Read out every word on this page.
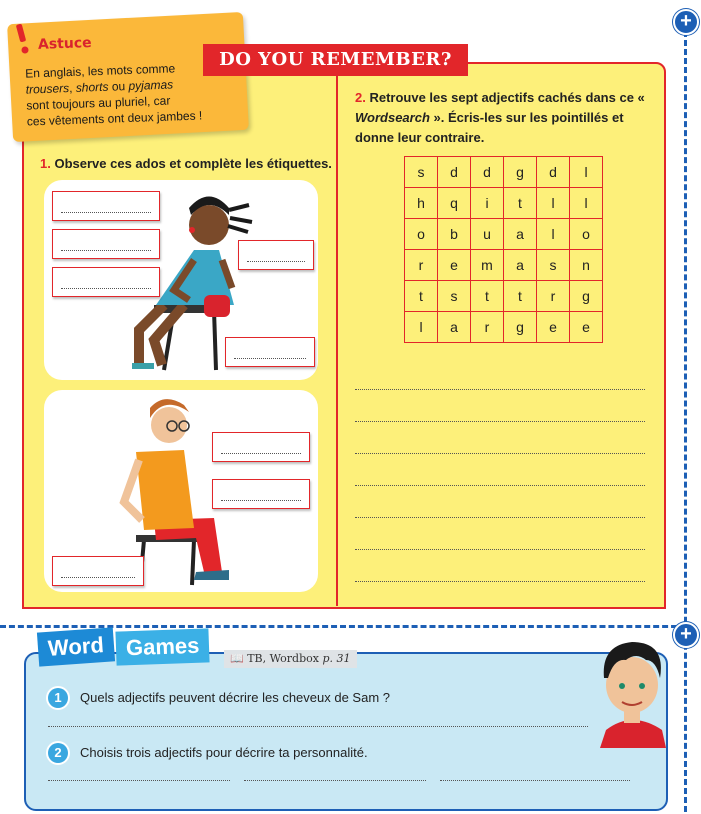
+
+
Astuce
En anglais, les mots comme
trousers, shorts ou pyjamas
sont toujours au pluriel, car
ces vêtements ont deux jambes !
DO YOU REMEMBER?
1. Observe ces ados et complète les étiquettes.
2. Retrouve les sept adjectifs cachés dans ce « Wordsearch ». Écris-les sur les pointillés et donne leur contraire.
s	d	d	g	d	l
h	q	i	t	l	l
o	b	u	a	l	o
r	e	m	a	s	n
t	s	t	t	r	g
l	a	r	g	e	e
Word Games	📖 TB, Wordbox p. 31
1	Quels adjectifs peuvent décrire les cheveux de Sam ?
2	Choisis trois adjectifs pour décrire ta personnalité.
